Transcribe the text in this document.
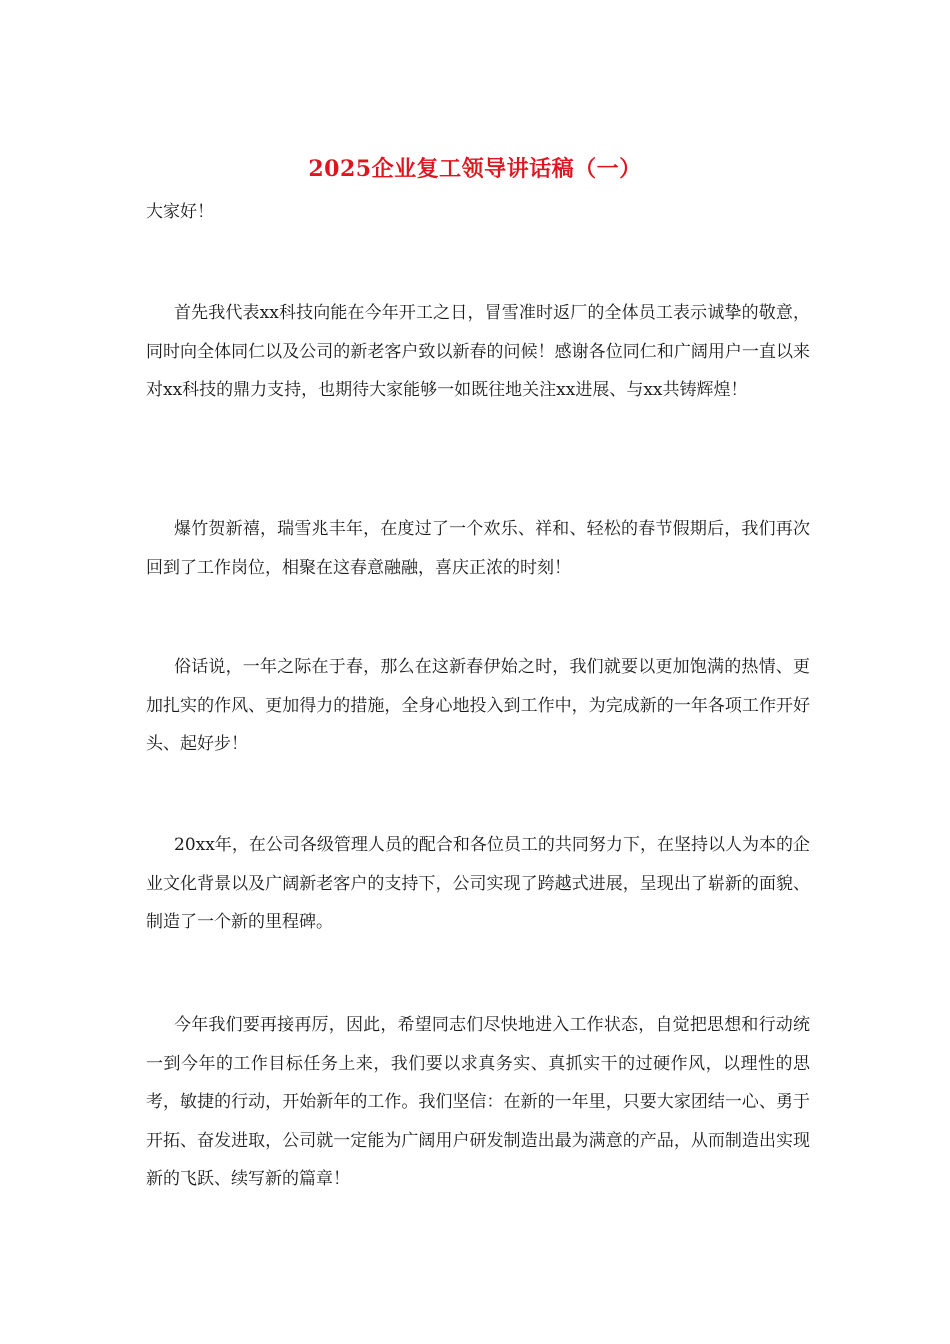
2025企业复工领导讲话稿（一）

大家好！

首先我代表xx科技向能在今年开工之日，冒雪准时返厂的全体员工表示诚挚的敬意，同时向全体同仁以及公司的新老客户致以新春的问候！感谢各位同仁和广阔用户一直以来对xx科技的鼎力支持，也期待大家能够一如既往地关注xx进展、与xx共铸辉煌！

爆竹贺新禧，瑞雪兆丰年，在度过了一个欢乐、祥和、轻松的春节假期后，我们再次回到了工作岗位，相聚在这春意融融，喜庆正浓的时刻！

俗话说，一年之际在于春，那么在这新春伊始之时，我们就要以更加饱满的热情、更加扎实的作风、更加得力的措施，全身心地投入到工作中，为完成新的一年各项工作开好头、起好步！

20xx年，在公司各级管理人员的配合和各位员工的共同努力下，在坚持以人为本的企业文化背景以及广阔新老客户的支持下，公司实现了跨越式进展，呈现出了崭新的面貌、制造了一个新的里程碑。

今年我们要再接再厉，因此，希望同志们尽快地进入工作状态，自觉把思想和行动统一到今年的工作目标任务上来，我们要以求真务实、真抓实干的过硬作风，以理性的思考，敏捷的行动，开始新年的工作。我们坚信：在新的一年里，只要大家团结一心、勇于开拓、奋发进取，公司就一定能为广阔用户研发制造出最为满意的产品，从而制造出实现新的飞跃、续写新的篇章！
